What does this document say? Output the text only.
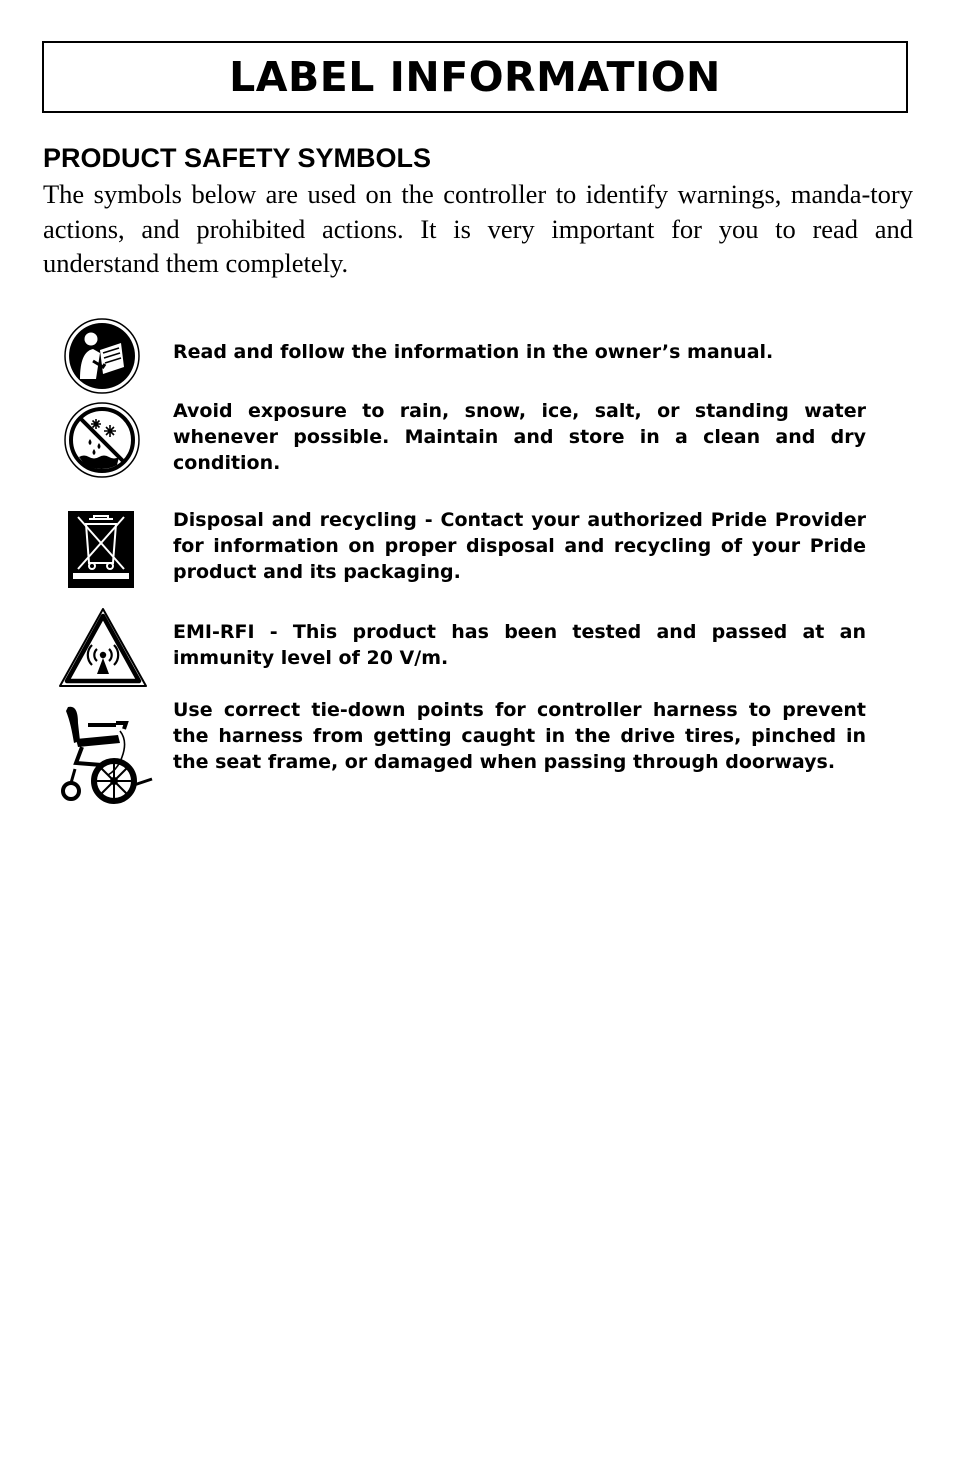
LABEL INFORMATION
PRODUCT SAFETY SYMBOLS

The symbols below are used on the controller to identify warnings, manda-tory actions, and prohibited actions. It is very important for you to read and understand them completely.

Read and follow the information in the owner’s manual.

Avoid exposure to rain, snow, ice, salt, or standing water whenever possible. Maintain and store in a clean and dry condition.

Disposal and recycling - Contact your authorized Pride Provider for information on proper disposal and recycling of your Pride product and its packaging.

EMI-RFI - This product has been tested and passed at an immunity level of 20 V/m.

Use correct tie-down points for controller harness to prevent the harness from getting caught in the drive tires, pinched in the seat frame, or damaged when passing through doorways.
